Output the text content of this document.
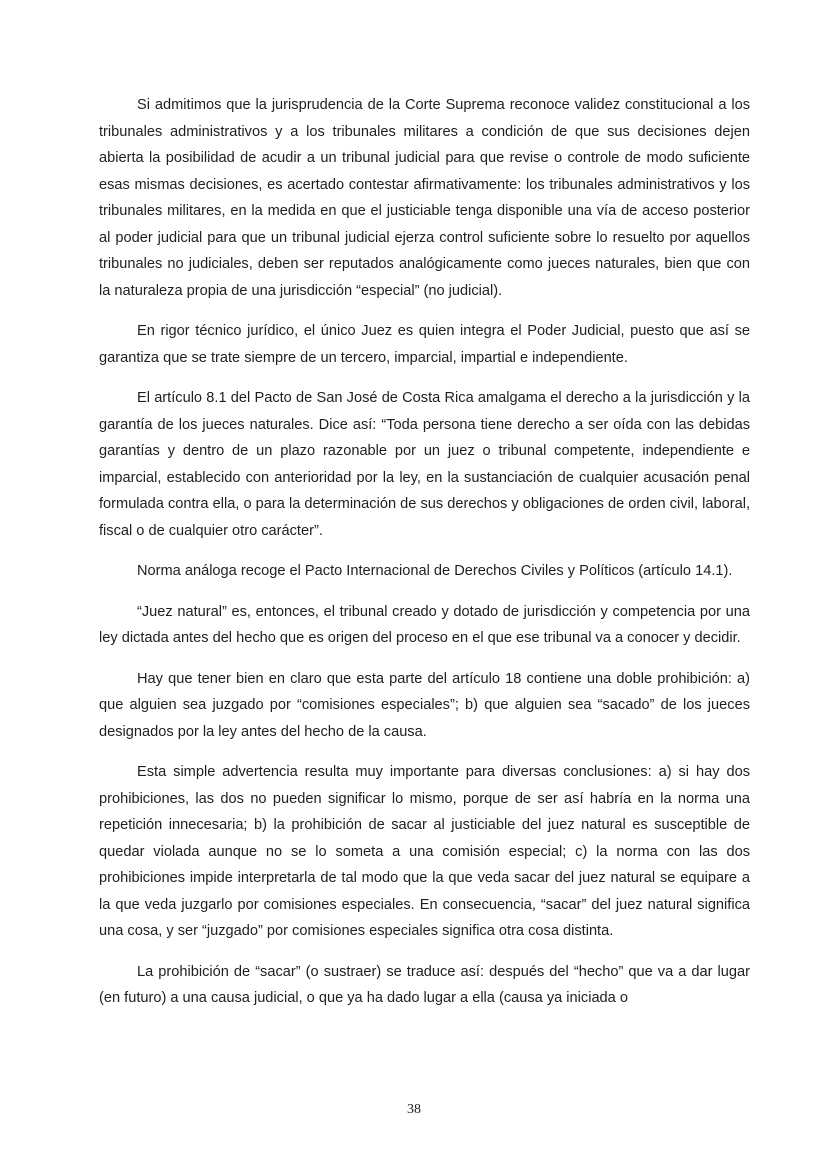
Si admitimos que la jurisprudencia de la Corte Suprema reconoce validez constitucional a los tribunales administrativos y a los tribunales militares a condición de que sus decisiones dejen abierta la posibilidad de acudir a un tribunal judicial para que revise o controle de modo suficiente esas mismas decisiones, es acertado contestar afirmativamente: los tribunales administrativos y los tribunales militares, en la medida en que el justiciable tenga disponible una vía de acceso posterior al poder judicial para que un tribunal judicial ejerza control suficiente sobre lo resuelto por aquellos tribunales no judiciales, deben ser reputados analógicamente como jueces naturales, bien que con la naturaleza propia de una jurisdicción “especial” (no judicial).

En rigor técnico jurídico, el único Juez es quien integra el Poder Judicial, puesto que así se garantiza que se trate siempre de un tercero, imparcial, impartial e independiente.

El artículo 8.1 del Pacto de San José de Costa Rica amalgama el derecho a la jurisdicción y la garantía de los jueces naturales. Dice así: “Toda persona tiene derecho a ser oída con las debidas garantías y dentro de un plazo razonable por un juez o tribunal competente, independiente e imparcial, establecido con anterioridad por la ley, en la sustanciación de cualquier acusación penal formulada contra ella, o para la determinación de sus derechos y obligaciones de orden civil, laboral, fiscal o de cualquier otro carácter”.

Norma análoga recoge el Pacto Internacional de Derechos Civiles y Políticos (artículo 14.1).

“Juez natural” es, entonces, el tribunal creado y dotado de jurisdicción y competencia por una ley dictada antes del hecho que es origen del proceso en el que ese tribunal va a conocer y decidir.

Hay que tener bien en claro que esta parte del artículo 18 contiene una doble prohibición: a) que alguien sea juzgado por “comisiones especiales”; b) que alguien sea “sacado” de los jueces designados por la ley antes del hecho de la causa.

Esta simple advertencia resulta muy importante para diversas conclusiones: a) si hay dos prohibiciones, las dos no pueden significar lo mismo, porque de ser así habría en la norma una repetición innecesaria; b) la prohibición de sacar al justiciable del juez natural es susceptible de quedar violada aunque no se lo someta a una comisión especial; c) la norma con las dos prohibiciones impide interpretarla de tal modo que la que veda sacar del juez natural se equipare a la que veda juzgarlo por comisiones especiales. En consecuencia, “sacar” del juez natural significa una cosa, y ser “juzgado” por comisiones especiales significa otra cosa distinta.

La prohibición de “sacar” (o sustraer) se traduce así: después del “hecho” que va a dar lugar (en futuro) a una causa judicial, o que ya ha dado lugar a ella (causa ya iniciada o

38
